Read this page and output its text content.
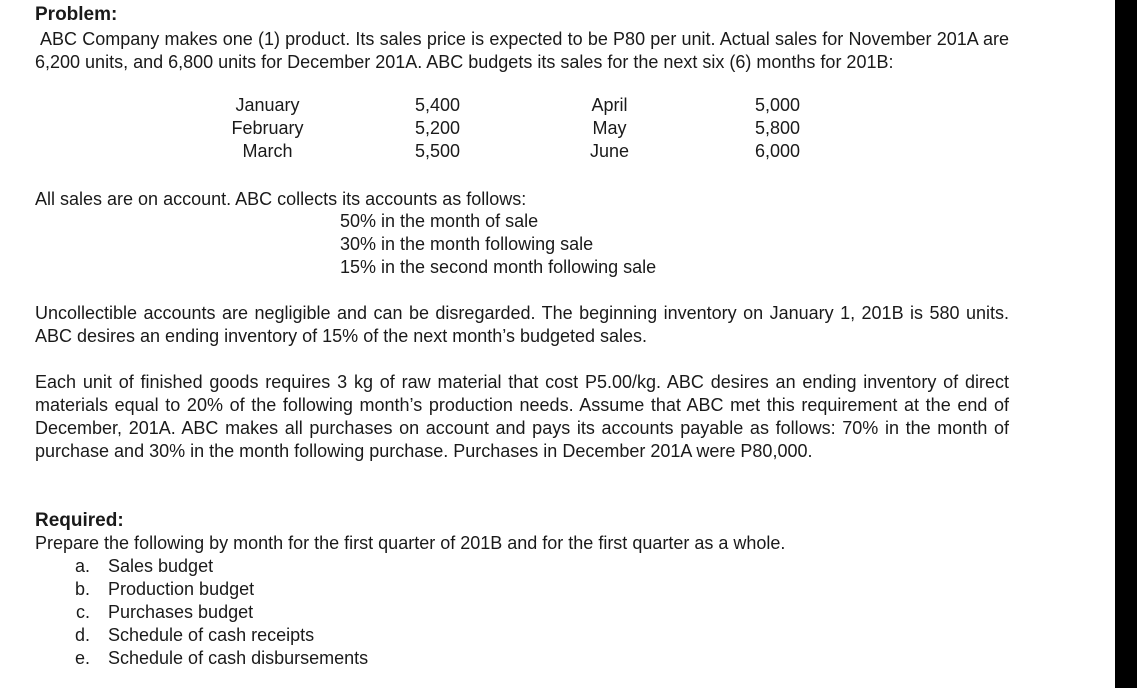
Problem:

ABC Company makes one (1) product. Its sales price is expected to be P80 per unit. Actual sales for November 201A are 6,200 units, and 6,800 units for December 201A. ABC budgets its sales for the next six (6) months for 201B:

January
February
March
5,400
5,200
5,500
April
May
June
5,000
5,800
6,000
All sales are on account. ABC collects its accounts as follows:
50% in the month of sale
30% in the month following sale
15% in the second month following sale

Uncollectible accounts are negligible and can be disregarded. The beginning inventory on January 1, 201B is 580 units. ABC desires an ending inventory of 15% of the next month’s budgeted sales.

Each unit of finished goods requires 3 kg of raw material that cost P5.00/kg. ABC desires an ending inventory of direct materials equal to 20% of the following month’s production needs. Assume that ABC met this requirement at the end of December, 201A. ABC makes all purchases on account and pays its accounts payable as follows: 70% in the month of purchase and 30% in the month following purchase. Purchases in December 201A were P80,000.

Required:
Prepare the following by month for the first quarter of 201B and for the first quarter as a whole.
a. Sales budget
b. Production budget
c. Purchases budget
d. Schedule of cash receipts
e. Schedule of cash disbursements
